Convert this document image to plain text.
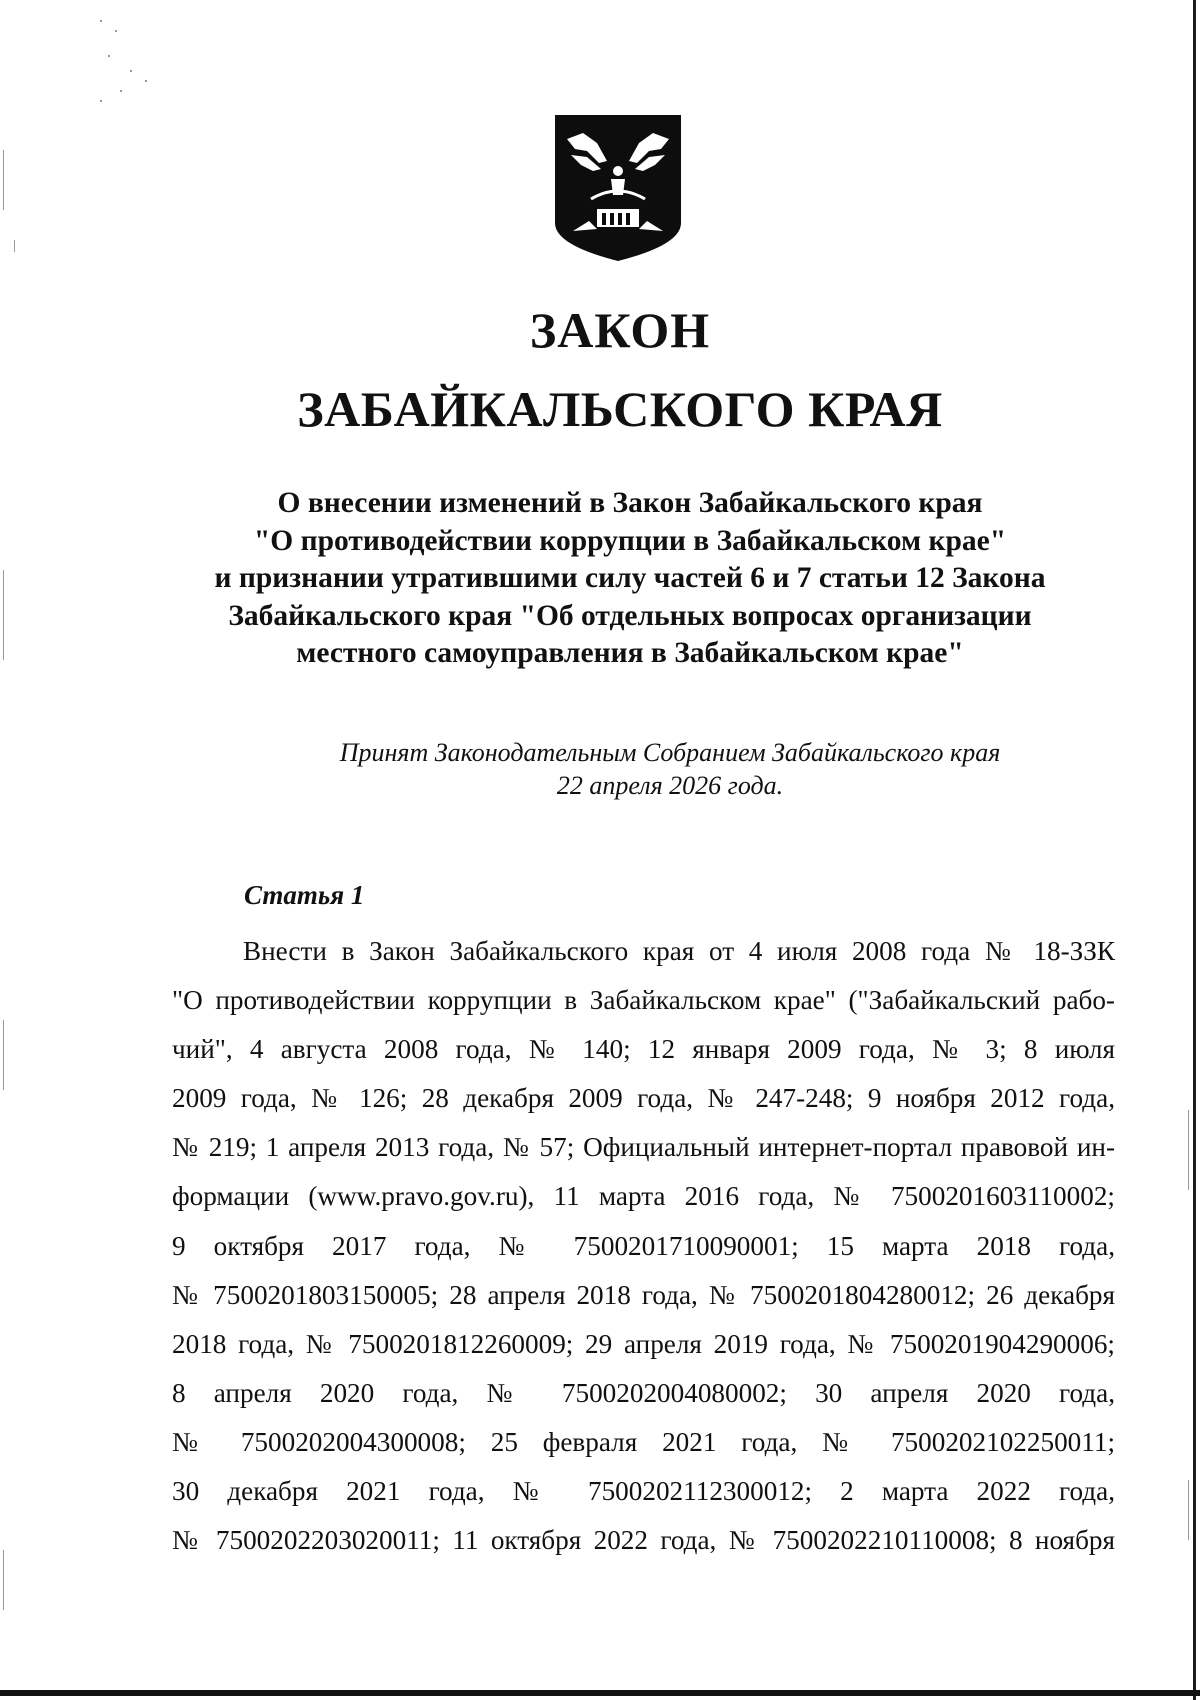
ЗАКОН
ЗАБАЙКАЛЬСКОГО КРАЯ
О внесении изменений в Закон Забайкальского края
"О противодействии коррупции в Забайкальском крае"
и признании утратившими силу частей 6 и 7 статьи 12 Закона
Забайкальского края "Об отдельных вопросах организации
местного самоуправления в Забайкальском крае"
Принят Законодательным Собранием Забайкальского края
22 апреля 2026 года.
Статья 1
Внести в Закон Забайкальского края от 4 июля 2008 года № 18-ЗЗК
"О противодействии коррупции в Забайкальском крае" ("Забайкальский рабо-
чий", 4 августа 2008 года, № 140; 12 января 2009 года, № 3; 8 июля
2009 года, № 126; 28 декабря 2009 года, № 247-248; 9 ноября 2012 года,
№ 219; 1 апреля 2013 года, № 57; Официальный интернет-портал правовой ин-
формации (www.pravo.gov.ru), 11 марта 2016 года, № 7500201603110002;
9 октября 2017 года, № 7500201710090001; 15 марта 2018 года,
№ 7500201803150005; 28 апреля 2018 года, № 7500201804280012; 26 декабря
2018 года, № 7500201812260009; 29 апреля 2019 года, № 7500201904290006;
8 апреля 2020 года, № 7500202004080002; 30 апреля 2020 года,
№ 7500202004300008; 25 февраля 2021 года, № 7500202102250011;
30 декабря 2021 года, № 7500202112300012; 2 марта 2022 года,
№ 7500202203020011; 11 октября 2022 года, № 7500202210110008; 8 ноября
